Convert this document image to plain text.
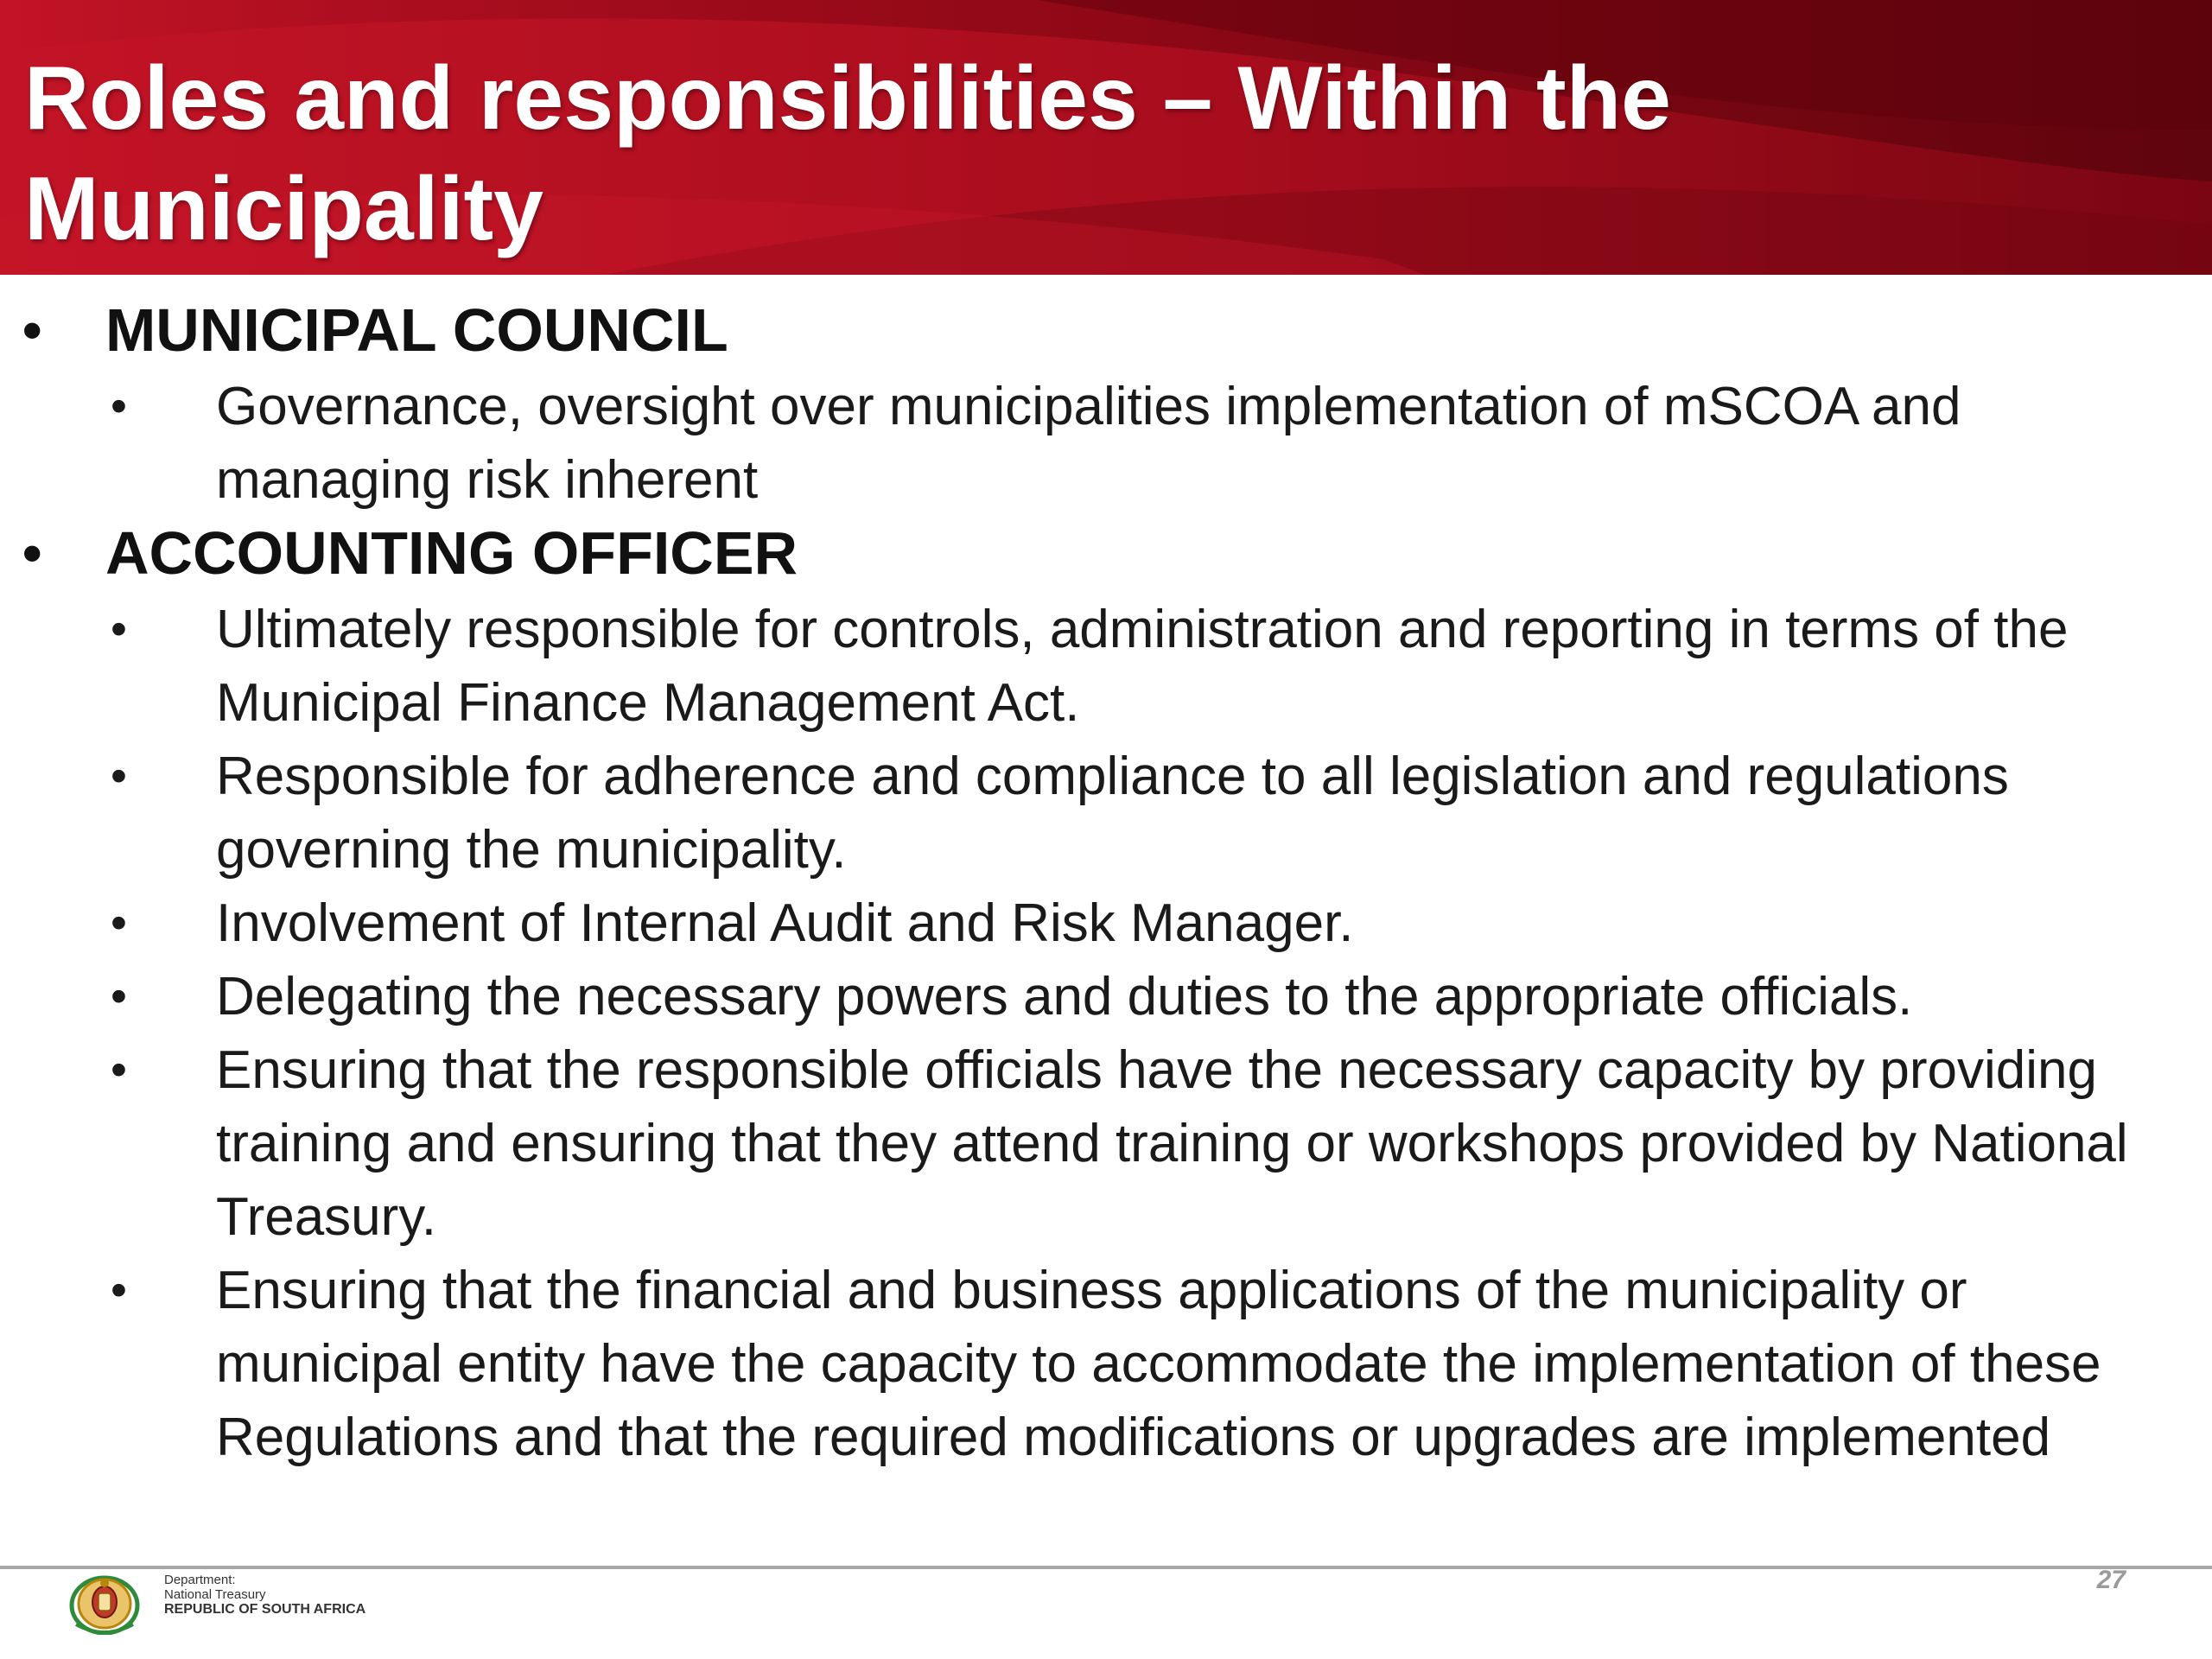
Roles and responsibilities – Within the
Municipality
• MUNICIPAL COUNCIL
• Governance, oversight over municipalities implementation of mSCOA and managing risk inherent
• ACCOUNTING OFFICER
• Ultimately responsible for controls, administration and reporting in terms of the Municipal Finance Management Act.
• Responsible for adherence and compliance to all legislation and regulations governing the municipality.
• Involvement of Internal Audit and Risk Manager.
• Delegating the necessary powers and duties to the appropriate officials.
• Ensuring that the responsible officials have the necessary capacity by providing training and ensuring that they attend training or workshops provided by National Treasury.
• Ensuring that the financial and business applications of the municipality or municipal entity have the capacity to accommodate the implementation of these Regulations and that the required modifications or upgrades are implemented
Department:
National Treasury
REPUBLIC OF SOUTH AFRICA
27
